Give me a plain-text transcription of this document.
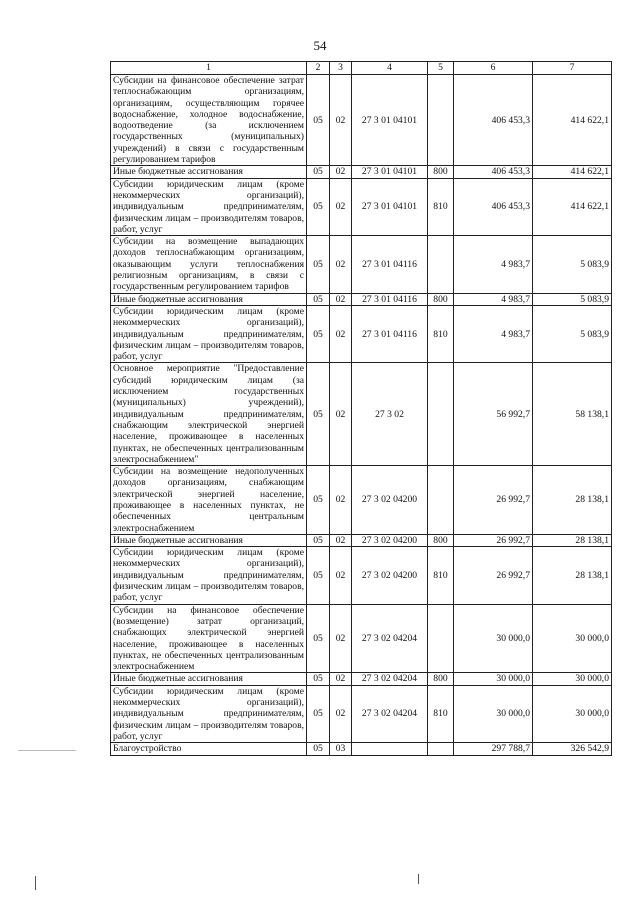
54
1	2	3	4	5	6	7
Субсидии на финансовое обеспечение затрат теплоснабжающим организациям, организациям, осуществляющим горячее водоснабжение, холодное водоснабжение, водоотведение (за исключением государственных (муниципальных) учреждений) в связи с государственным регулированием тарифов	05	02	27 3 01 04101		406 453,3	414 622,1
Иные бюджетные ассигнования	05	02	27 3 01 04101	800	406 453,3	414 622,1
Субсидии юридическим лицам (кроме некоммерческих организаций), индивидуальным предпринимателям, физическим лицам – производителям товаров, работ, услуг	05	02	27 3 01 04101	810	406 453,3	414 622,1
Субсидии на возмещение выпадающих доходов теплоснабжающим организациям, оказывающим услуги теплоснабжения религиозным организациям, в связи с государственным регулированием тарифов	05	02	27 3 01 04116		4 983,7	5 083,9
Иные бюджетные ассигнования	05	02	27 3 01 04116	800	4 983,7	5 083,9
Субсидии юридическим лицам (кроме некоммерческих организаций), индивидуальным предпринимателям, физическим лицам – производителям товаров, работ, услуг	05	02	27 3 01 04116	810	4 983,7	5 083,9
Основное мероприятие "Предоставление субсидий юридическим лицам (за исключением государственных (муниципальных) учреждений), индивидуальным предпринимателям, снабжающим электрической энергией население, проживающее в населенных пунктах, не обеспеченных централизованным электроснабжением"	05	02	27 3 02		56 992,7	58 138,1
Субсидии на возмещение недополученных доходов организациям, снабжающим электрической энергией население, проживающее в населенных пунктах, не обеспеченных центральным электроснабжением	05	02	27 3 02 04200		26 992,7	28 138,1
Иные бюджетные ассигнования	05	02	27 3 02 04200	800	26 992,7	28 138,1
Субсидии юридическим лицам (кроме некоммерческих организаций), индивидуальным предпринимателям, физическим лицам – производителям товаров, работ, услуг	05	02	27 3 02 04200	810	26 992,7	28 138,1
Субсидии на финансовое обеспечение (возмещение) затрат организаций, снабжающих электрической энергией население, проживающее в населенных пунктах, не обеспеченных централизованным электроснабжением	05	02	27 3 02 04204		30 000,0	30 000,0
Иные бюджетные ассигнования	05	02	27 3 02 04204	800	30 000,0	30 000,0
Субсидии юридическим лицам (кроме некоммерческих организаций), индивидуальным предпринимателям, физическим лицам – производителям товаров, работ, услуг	05	02	27 3 02 04204	810	30 000,0	30 000,0
Благоустройство	05	03			297 788,7	326 542,9
